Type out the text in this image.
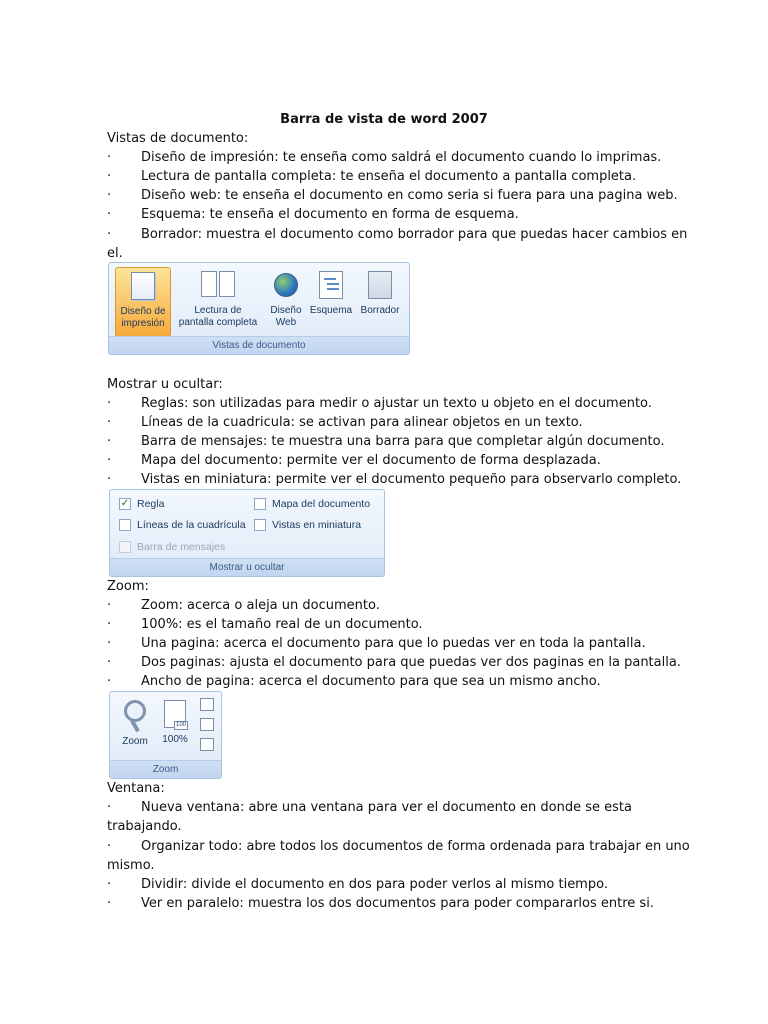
Barra de vista de word 2007
Vistas de documento:
· Diseño de impresión: te enseña como saldrá el documento cuando lo imprimas.
· Lectura de pantalla completa: te enseña el documento a pantalla completa.
· Diseño web: te enseña el documento en como seria si fuera para una pagina web.
· Esquema: te enseña el documento en forma de esquema.
· Borrador: muestra el documento como borrador para que puedas hacer cambios en
el.
Diseño de
impresión
Lectura de
pantalla completa
Diseño
Web
Esquema Borrador
Vistas de documento
Mostrar u ocultar:
· Reglas: son utilizadas para medir o ajustar un texto u objeto en el documento.
· Líneas de la cuadricula: se activan para alinear objetos en un texto.
· Barra de mensajes: te muestra una barra para que completar algún documento.
· Mapa del documento: permite ver el documento de forma desplazada.
· Vistas en miniatura: permite ver el documento pequeño para observarlo completo.
✓ Regla
Líneas de la cuadrícula
Barra de mensajes
Mapa del documento
Vistas en miniatura
Mostrar u ocultar
Zoom:
· Zoom: acerca o aleja un documento.
· 100%: es el tamaño real de un documento.
· Una pagina: acerca el documento para que lo puedas ver en toda la pantalla.
· Dos paginas: ajusta el documento para que puedas ver dos paginas en la pantalla.
· Ancho de pagina: acerca el documento para que sea un mismo ancho.
Zoom
100
100%
Zoom
Ventana:
· Nueva ventana: abre una ventana para ver el documento en donde se esta
trabajando.
· Organizar todo: abre todos los documentos de forma ordenada para trabajar en uno
mismo.
· Dividir: divide el documento en dos para poder verlos al mismo tiempo.
· Ver en paralelo: muestra los dos documentos para poder compararlos entre si.
